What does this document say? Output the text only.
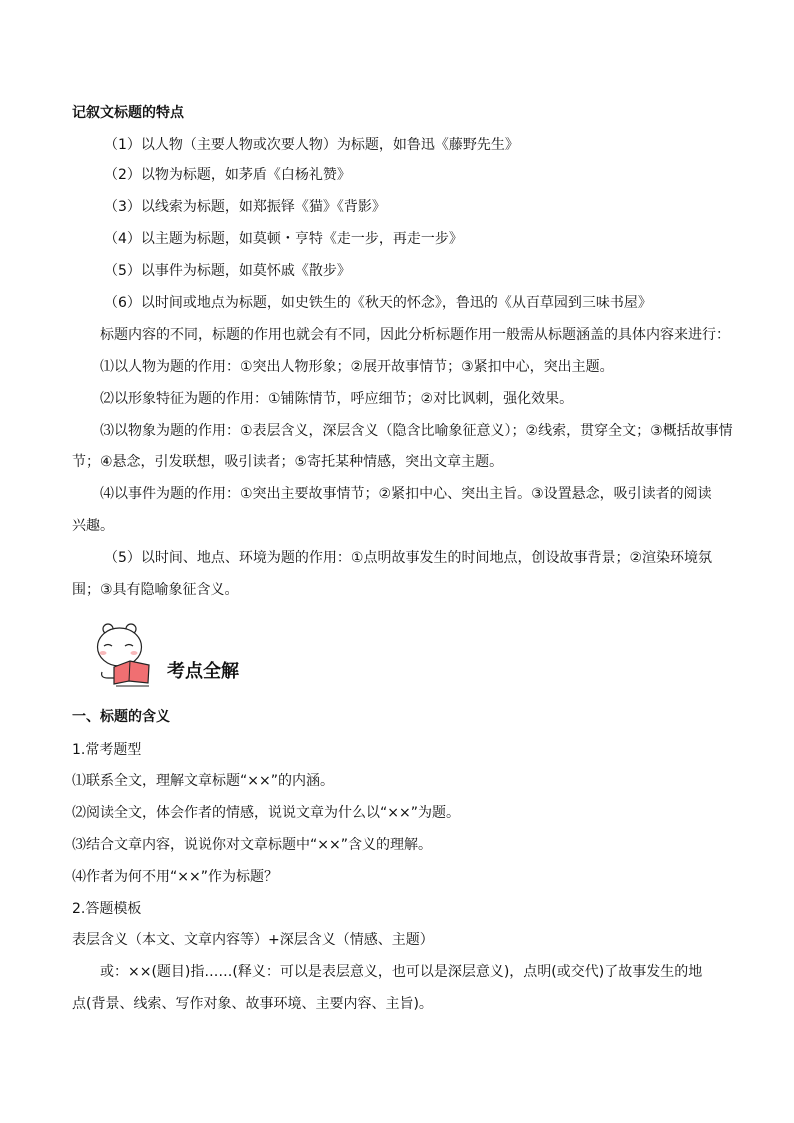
记叙文标题的特点
（1）以人物（主要人物或次要人物）为标题，如鲁迅《藤野先生》
（2）以物为标题，如茅盾《白杨礼赞》
（3）以线索为标题，如郑振铎《猫》《背影》
（4）以主题为标题，如莫顿・亨特《走一步，再走一步》
（5）以事件为标题，如莫怀戚《散步》
（6）以时间或地点为标题，如史铁生的《秋天的怀念》，鲁迅的《从百草园到三味书屋》
标题内容的不同，标题的作用也就会有不同，因此分析标题作用一般需从标题涵盖的具体内容来进行：
⑴以人物为题的作用：①突出人物形象；②展开故事情节；③紧扣中心，突出主题。
⑵以形象特征为题的作用：①铺陈情节，呼应细节；②对比讽刺，强化效果。
⑶以物象为题的作用：①表层含义，深层含义（隐含比喻象征意义）；②线索，贯穿全文；③概括故事情
节；④悬念，引发联想，吸引读者；⑤寄托某种情感，突出文章主题。
⑷以事件为题的作用：①突出主要故事情节；②紧扣中心、突出主旨。③设置悬念，吸引读者的阅读
兴趣。
（5）以时间、地点、环境为题的作用：①点明故事发生的时间地点，创设故事背景；②渲染环境氛
围；③具有隐喻象征含义。
考点全解
一、标题的含义
1.常考题型
⑴联系全文，理解文章标题“××”的内涵。
⑵阅读全文，体会作者的情感，说说文章为什么以“××”为题。
⑶结合文章内容，说说你对文章标题中“××”含义的理解。
⑷作者为何不用“××”作为标题？
2.答题模板
表层含义（本文、文章内容等）+深层含义（情感、主题）
或：××(题目)指……(释义：可以是表层意义，也可以是深层意义)，点明(或交代)了故事发生的地
点(背景、线索、写作对象、故事环境、主要内容、主旨)。
